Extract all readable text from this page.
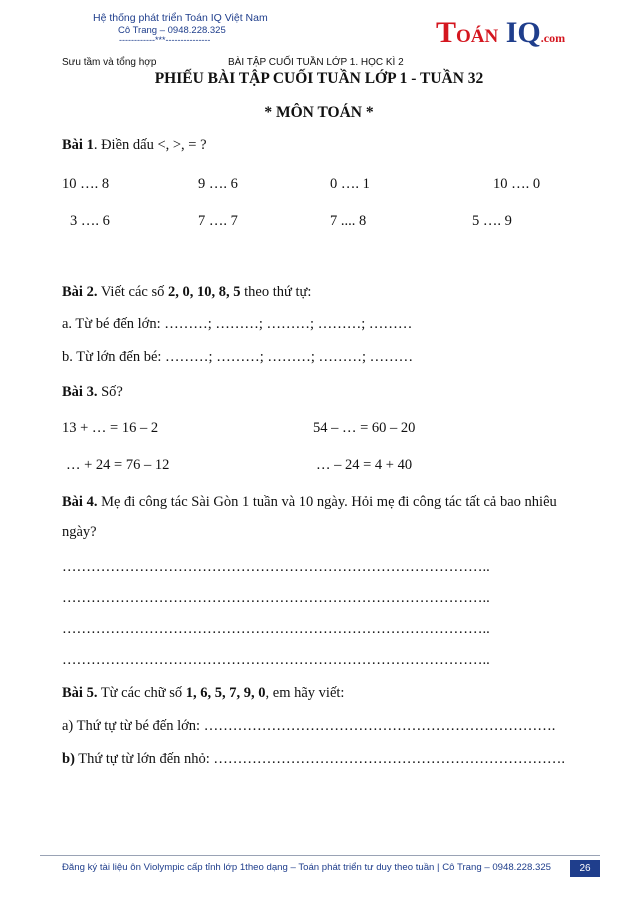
Hệ thống phát triển Toán IQ Việt Nam
Cô Trang – 0948.228.325
------------***---------------	TOÁN IQ.com
Sưu tầm và tổng hợp	BÀI TẬP CUỐI TUẦN LỚP 1. HỌC KÌ 2
PHIẾU BÀI TẬP CUỐI TUẦN LỚP 1 - TUẦN 32
* MÔN TOÁN *
Bài 1. Điền dấu <, >, = ?
10 …. 8	9 …. 6	0 …. 1	10 …. 0
3 …. 6	7 …. 7	7 .... 8	5 …. 9
Bài 2. Viết các số 2, 0, 10, 8, 5 theo thứ tự:
a. Từ bé đến lớn: ………; ………; ………; ………; ………
b. Từ lớn đến bé: ………; ………; ………; ………; ………
Bài 3. Số?
13 + … = 16 – 2	54 – … = 60 – 20
… + 24 = 76 – 12	… – 24 = 4 + 40
Bài 4. Mẹ đi công tác Sài Gòn 1 tuần và 10 ngày. Hỏi mẹ đi công tác tất cả bao nhiêu
ngày?
……………………………………………………………………………..
……………………………………………………………………………..
……………………………………………………………………………..
……………………………………………………………………………..
Bài 5. Từ các chữ số 1, 6, 5, 7, 9, 0, em hãy viết:
a) Thứ tự từ bé đến lớn: ……………………………………………………………….
b) Thứ tự từ lớn đến nhỏ: ……………………………………………………………….
Đăng ký tài liệu ôn Violympic cấp tỉnh lớp 1theo dạng – Toán phát triển tư duy theo tuần | Cô Trang – 0948.228.325	26
